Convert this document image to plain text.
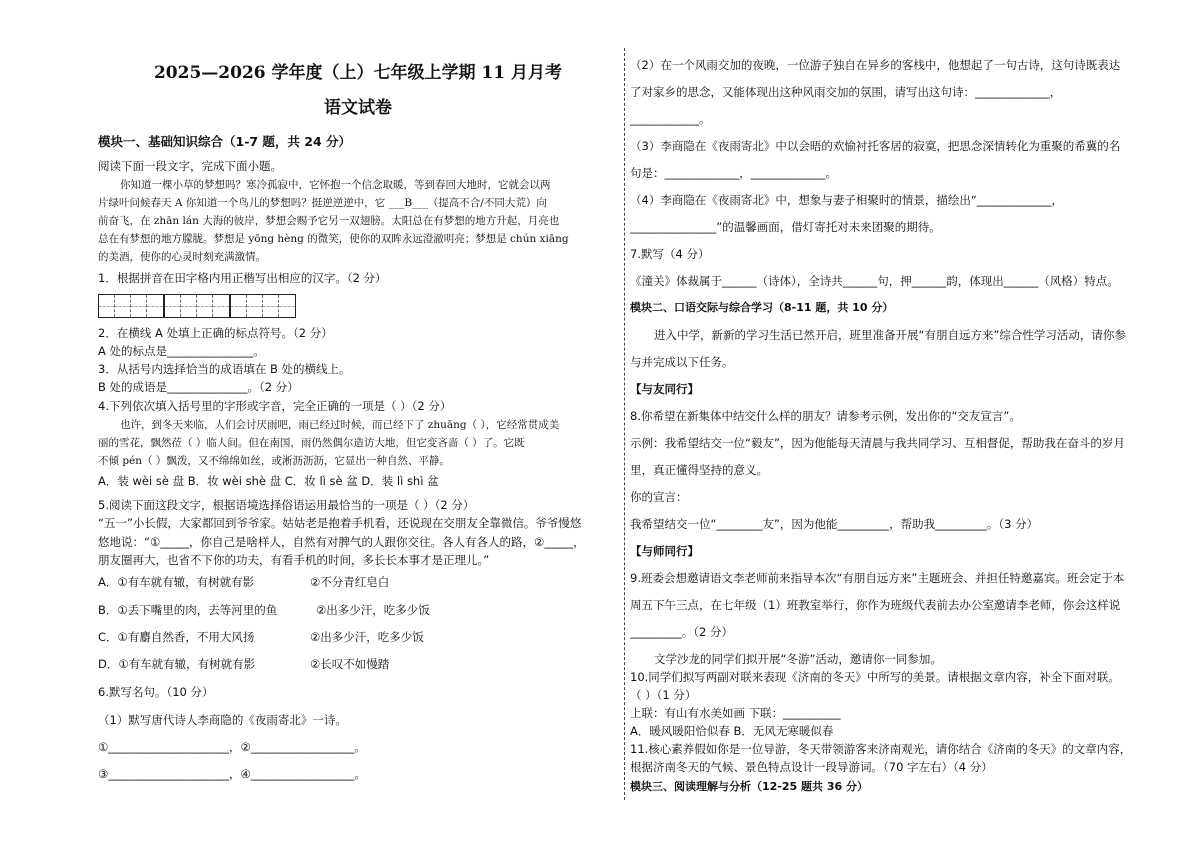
2025—2026 学年度（上）七年级上学期 11 月月考
语文试卷
模块一、基础知识综合（1-7 题，共 24 分）
阅读下面一段文字，完成下面小题。
你知道一棵小草的梦想吗？寒冷孤寂中，它怀抱一个信念取暖，等到春回大地时，它就会以两
片绿叶问候春天 A 你知道一个鸟儿的梦想吗？挺逆逆逆中，它 ___B___（提高不合/不同大荒）向
前奋飞，在 zhān lán 大海的彼岸，梦想会赐予它另一双翅膀。太阳总在有梦想的地方升起，月亮也
总在有梦想的地方朦胧。梦想是 yōng hèng 的微笑，使你的双眸永远澄澈明亮；梦想是 chún xiāng
的美酒，使你的心灵时刻充满激情。
1．根据拼音在田字格内用正楷写出相应的汉字。（2 分）
2．在横线 A 处填上正确的标点符号。（2 分）
A 处的标点是_______________。
3．从括号内选择恰当的成语填在 B 处的横线上。
B 处的成语是______________。（2 分）
4.下列依次填入括号里的字形或字音，完全正确的一项是（ ）（2 分）
也许，到冬天来临，人们会讨厌雨吧，雨已经过时候，而已经下了 zhuāng（ ），它经常贯成美
丽的雪花，飘然莅（ ）临人间。但在南国，雨仍然偶尔造访大地，但它变吝啬（ ）了。它既
不倾 pén（ ）飘泼，又不绵绵如丝，或淅沥沥沥，它显出一种自然、平静。
A．装 wèi sè 盘 B．妆 wèi shè 盘 C．妆 lì sè 盆 D．装 lì shì 盆
5.阅读下面这段文字，根据语境选择俗语运用最恰当的一项是（ ）（2 分）
“五一”小长假，大家都回到爷爷家。姑姑老是抱着手机看，还说现在交朋友全靠微信。爷爷慢悠
悠地说：“①_____，你自己是啥样人，自然有对脾气的人跟你交往。各人有各人的路，②_____，
朋友圈再大，也省不下你的功夫，有看手机的时间，多长长本事才是正理儿。”
A．①有车就有辙，有树就有影	②不分青红皂白
B．①丢下嘴里的肉，去等河里的鱼	②出多少汗，吃多少饭
C．①有麝自然香，不用大风扬	②出多少汗，吃多少饭
D．①有车就有辙，有树就有影	②长叹不如慢踏
6.默写名句。（10 分）
（1）默写唐代诗人李商隐的《夜雨寄北》一诗。
①_____________________，②__________________。
③_____________________，④__________________。
（2）在一个风雨交加的夜晚，一位游子独自在异乡的客栈中，他想起了一句古诗，这句诗既表达
了对家乡的思念，又能体现出这种风雨交加的氛围，请写出这句诗：_____________，
____________。
（3）李商隐在《夜雨寄北》中以会晤的欢愉衬托客居的寂寞，把思念深情转化为重聚的希冀的名
句是：_____________，_____________。
（4）李商隐在《夜雨寄北》中，想象与妻子相聚时的情景，描绘出“_____________，
_______________”的温馨画面，借灯寄托对未来团聚的期待。
7.默写（4 分）
《潼关》体裁属于______（诗体），全诗共______句，押______韵，体现出______（风格）特点。
模块二、口语交际与综合学习（8-11 题，共 10 分）
进入中学，新新的学习生活已然开启，班里准备开展“有朋自远方来”综合性学习活动，请你参
与并完成以下任务。
【与友同行】
8.你希望在新集体中结交什么样的朋友？请参考示例，发出你的“交友宣言”。
示例：我希望结交一位“毅友”，因为他能每天清晨与我共同学习、互相督促，帮助我在奋斗的岁月
里，真正懂得坚持的意义。
你的宣言：
我希望结交一位“________友”，因为他能_________，帮助我_________。（3 分）
【与师同行】
9.班委会想邀请语文李老师前来指导本次“有朋自远方来”主题班会、并担任特邀嘉宾。班会定于本
周五下午三点，在七年级（1）班教室举行，你作为班级代表前去办公室邀请李老师，你会这样说
_________。（2 分）
文学沙龙的同学们拟开展“冬游”活动，邀请你一同参加。
10.同学们拟写两副对联来表现《济南的冬天》中所写的美景。请根据文章内容，补全下面对联。
（ ）（1 分）
上联：有山有水美如画 下联：__________
A．暖风暖阳恰似春 B．无风无寒暖似春
11.核心素养假如你是一位导游，冬天带领游客来济南观光，请你结合《济南的冬天》的文章内容，
根据济南冬天的气候、景色特点设计一段导游词。（70 字左右）（4 分）
模块三、阅读理解与分析（12-25 题共 36 分）
